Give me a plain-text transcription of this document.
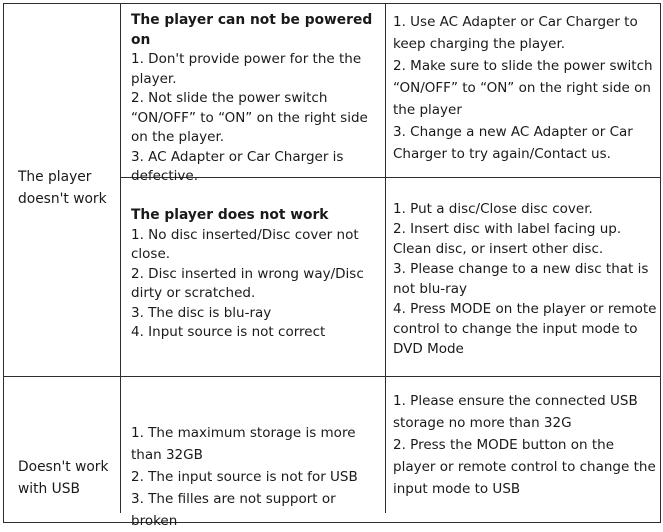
The player

doesn't work

The player can not be powered on

1. Don't provide power for the the player.

2. Not slide the power switch “ON/OFF” to “ON” on the right side on the player.

3. AC Adapter or Car Charger is defective.

1. Use AC Adapter or Car Charger to keep charging the player.

2. Make sure to slide the power switch “ON/OFF” to “ON” on the right side on the player

3. Change a new AC Adapter or Car Charger to try again/Contact us.

The player does not work

1. No disc inserted/Disc cover not close.

2. Disc inserted in wrong way/Disc dirty or scratched.

3. The disc is blu-ray

4. Input source is not correct

1. Put a disc/Close disc cover.

2. Insert disc with label facing up. Clean disc, or insert other disc.

3. Please change to a new disc that is not blu-ray

4. Press MODE on the player or remote control to change the input mode to DVD Mode

Doesn't work

with USB

1. The maximum storage is more than 32GB

2. The input source is not for USB

3. The filles are not support or broken

1. Please ensure the connected USB storage no more than 32G

2. Press the MODE button on the player or remote control to change the input mode to USB
